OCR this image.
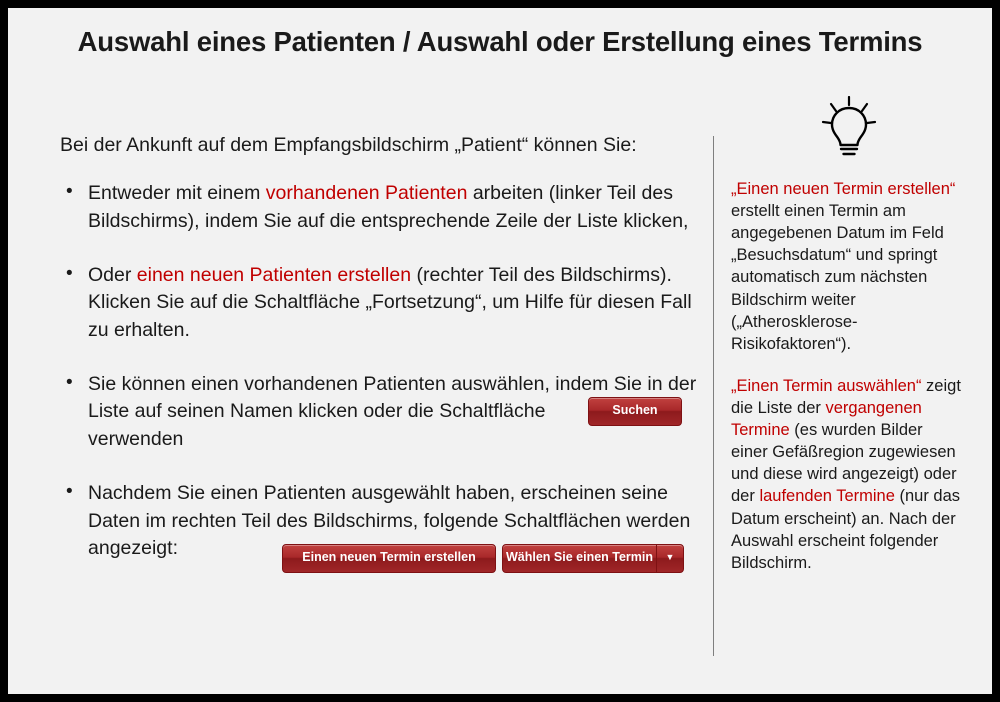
Auswahl eines Patienten / Auswahl oder Erstellung eines Termins
Bei der Ankunft auf dem Empfangsbildschirm „Patient“ können Sie:
• Entweder mit einem vorhandenen Patienten arbeiten (linker Teil des Bildschirms), indem Sie auf die entsprechende Zeile der Liste klicken,
• Oder einen neuen Patienten erstellen (rechter Teil des Bildschirms). Klicken Sie auf die Schaltfläche „Fortsetzung“, um Hilfe für diesen Fall zu erhalten.
• Sie können einen vorhandenen Patienten auswählen, indem Sie in der Liste auf seinen Namen klicken oder die Schaltfläche  verwenden
• Nachdem Sie einen Patienten ausgewählt haben, erscheinen seine Daten im rechten Teil des Bildschirms, folgende Schaltflächen werden angezeigt:
Suchen
Einen neuen Termin erstellen	Wählen Sie einen Termin	▼

„Einen neuen Termin erstellen“ erstellt einen Termin am angegebenen Datum im Feld „Besuchsdatum“ und springt automatisch zum nächsten Bildschirm weiter („Atherosklerose-Risikofaktoren“).

„Einen Termin auswählen“ zeigt die Liste der vergangenen Termine (es wurden Bilder einer Gefäßregion zugewiesen und diese wird angezeigt) oder der laufenden Termine (nur das Datum erscheint) an. Nach der Auswahl erscheint folgender Bildschirm.
